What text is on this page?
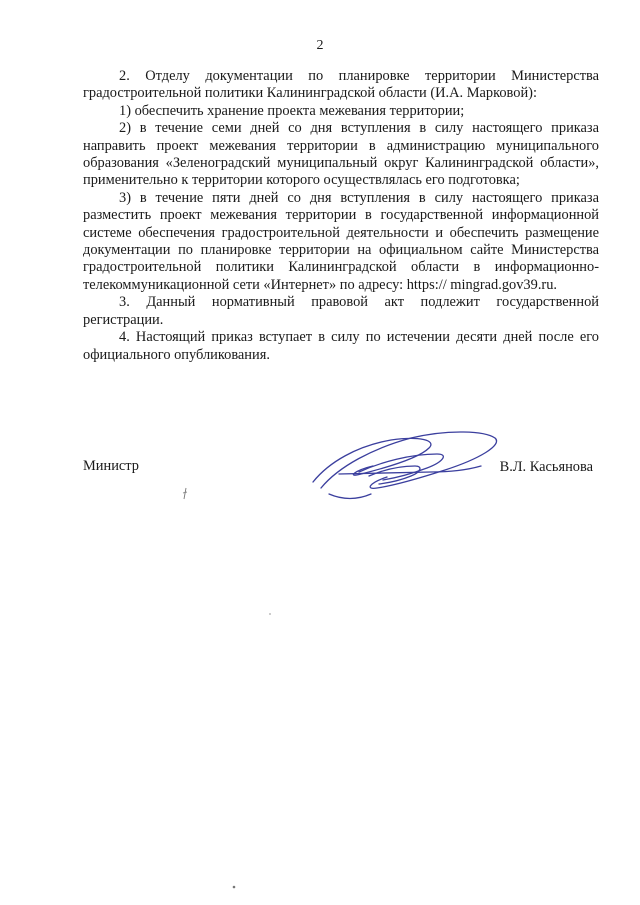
2

2. Отделу документации по планировке территории Министерства градостроительной политики Калининградской области (И.А. Марковой):

1) обеспечить хранение проекта межевания территории;

2) в течение семи дней со дня вступления в силу настоящего приказа направить проект межевания территории в администрацию муниципального образования «Зеленоградский муниципальный округ Калининградской области», применительно к территории которого осуществлялась его подготовка;

3) в течение пяти дней со дня вступления в силу настоящего приказа разместить проект межевания территории в государственной информационной системе обеспечения градостроительной деятельности и обеспечить размещение документации по планировке территории на официальном сайте Министерства градостроительной политики Калининградской области в информационно-телекоммуникационной сети «Интернет» по адресу: https:// mingrad.gov39.ru.

3. Данный нормативный правовой акт подлежит государственной регистрации.

4. Настоящий приказ вступает в силу по истечении десяти дней после его официального опубликования.

Министр	В.Л. Касьянова
